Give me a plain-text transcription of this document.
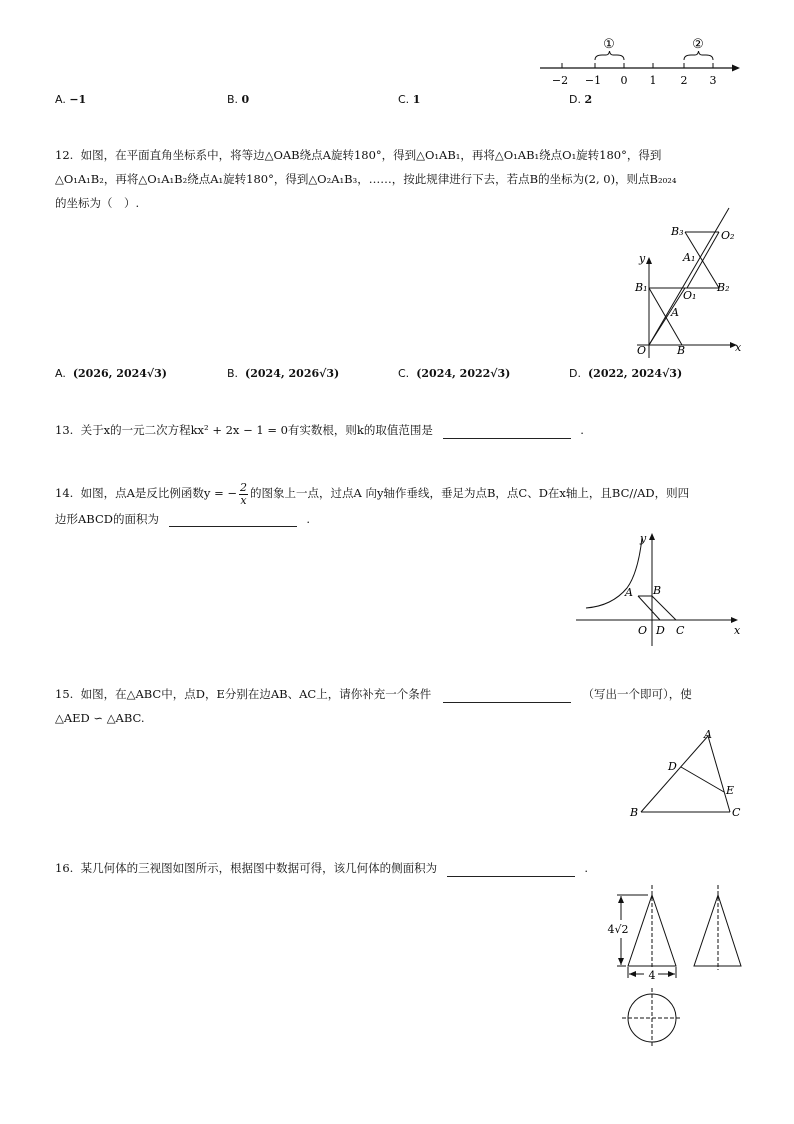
①	②
−2 −1 0 1 2 3
A. −1	B. 0	C. 1	D. 2
12. 如图，在平面直角坐标系中，将等边△OAB绕点A旋转180°，得到△O₁AB₁，再将△O₁AB₁绕点O₁旋转180°，得到
△O₁A₁B₂，再将△O₁A₁B₂绕点A₁旋转180°，得到△O₂A₁B₃，……，按此规律进行下去，若点B的坐标为(2, 0)，则点B₂₀₂₄
的坐标为（　）.
y
x
O	B
A
B₁
O₁
A₁
B₂
B₃	O₂
A. (2026, 2024√3)	B. (2024, 2026√3)	C. (2024, 2022√3)	D. (2022, 2024√3)
13. 关于x的一元二次方程kx² + 2x − 1 = 0有实数根，则k的取值范围是	.
14. 如图，点A是反比例函数y = − $\frac{2}{x}$ 的图象上一点，过点A 向y轴作垂线，垂足为点B，点C、D在x轴上，且BC//AD，则四
边形ABCD的面积为	.
y
x
A B
O D C
15. 如图，在△ABC中，点D，E分别在边AB、AC上，请你补充一个条件	（写出一个即可），使
△AED ∽ △ABC.
A
D
E
B	C
16. 某几何体的三视图如图所示，根据图中数据可得，该几何体的侧面积为	.
4√2
4
